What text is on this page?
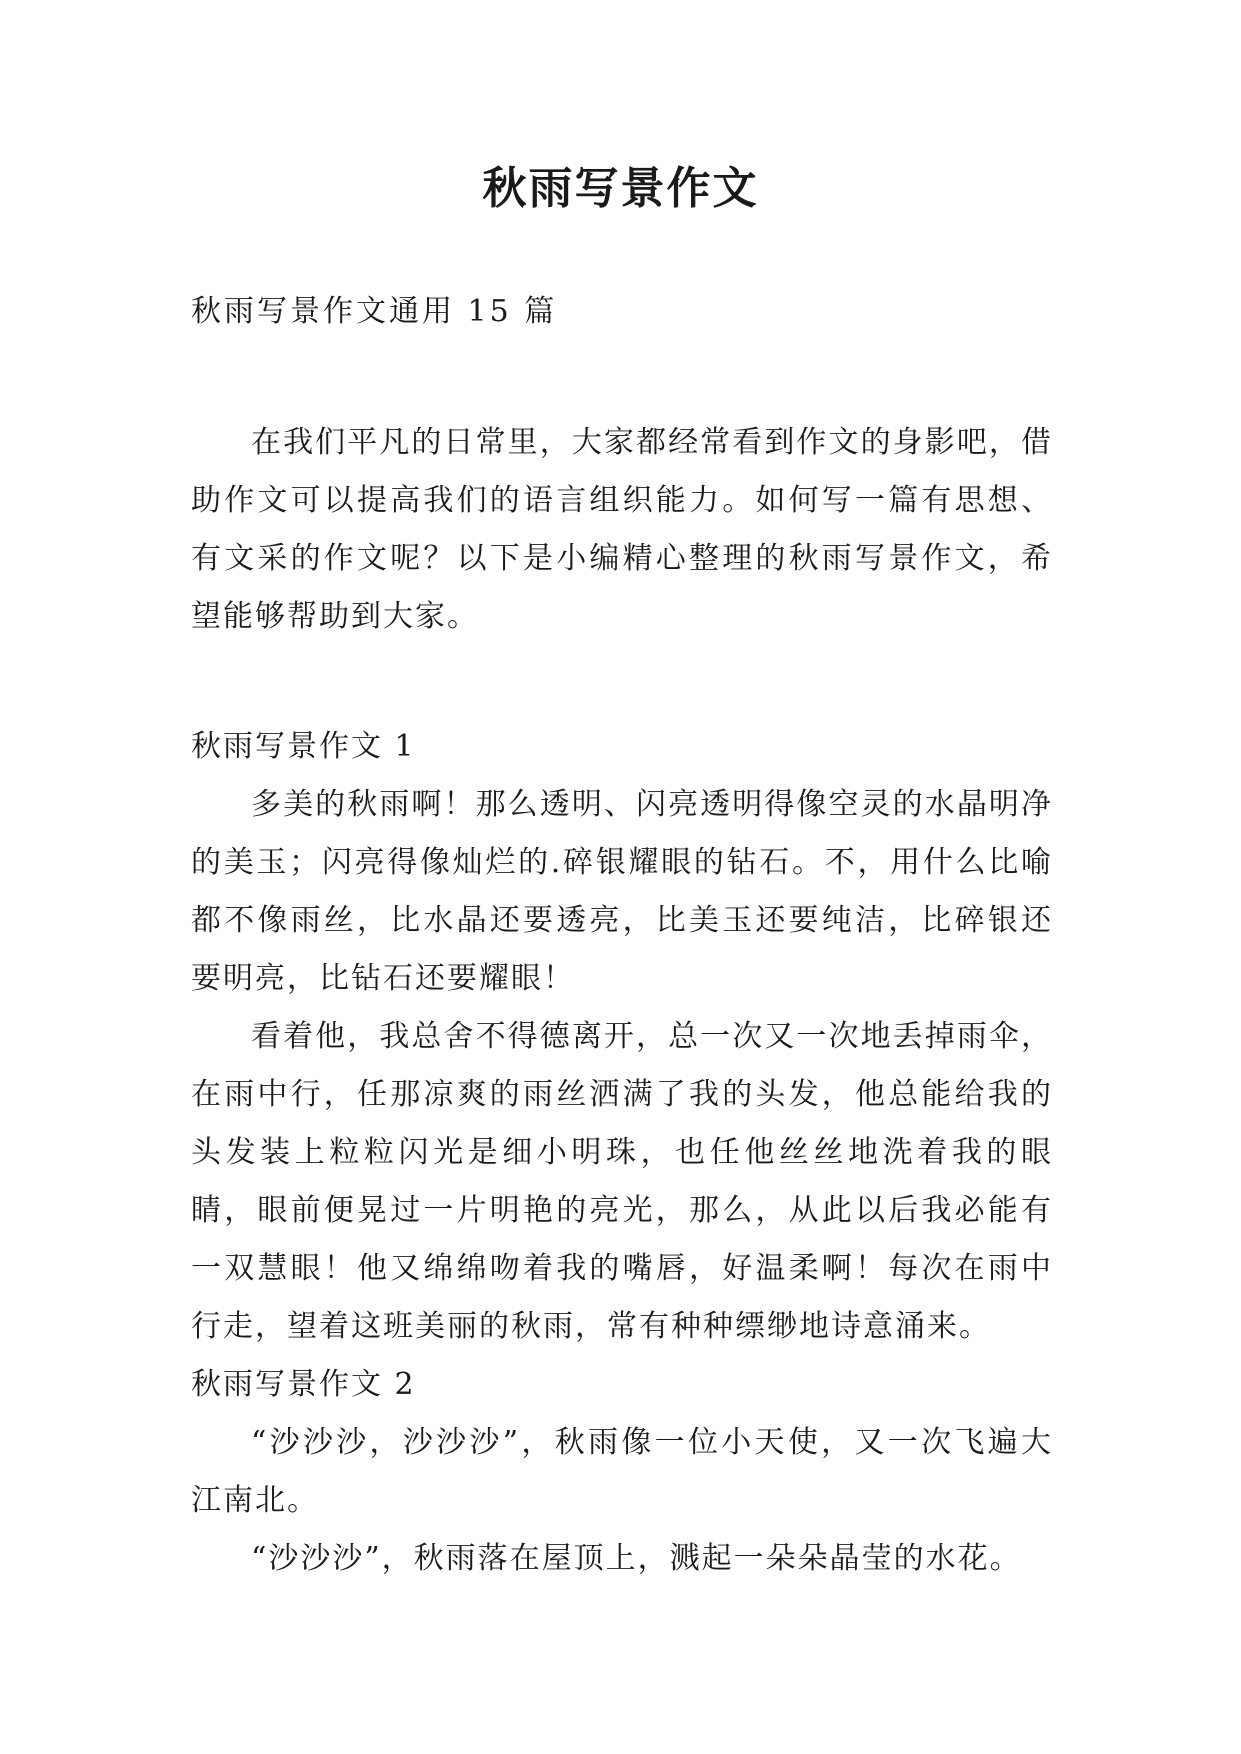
秋雨写景作文
秋雨写景作文通用 15 篇

在我们平凡的日常里，大家都经常看到作文的身影吧，借助作文可以提高我们的语言组织能力。如何写一篇有思想、有文采的作文呢？以下是小编精心整理的秋雨写景作文，希望能够帮助到大家。

秋雨写景作文 1

多美的秋雨啊！那么透明、闪亮透明得像空灵的水晶明净的美玉；闪亮得像灿烂的.碎银耀眼的钻石。不，用什么比喻都不像雨丝，比水晶还要透亮，比美玉还要纯洁，比碎银还要明亮，比钻石还要耀眼！

看着他，我总舍不得德离开，总一次又一次地丢掉雨伞，在雨中行，任那凉爽的雨丝洒满了我的头发，他总能给我的头发装上粒粒闪光是细小明珠，也任他丝丝地洗着我的眼睛，眼前便晃过一片明艳的亮光，那么，从此以后我必能有一双慧眼！他又绵绵吻着我的嘴唇，好温柔啊！每次在雨中行走，望着这班美丽的秋雨，常有种种缥缈地诗意涌来。

秋雨写景作文 2

“沙沙沙，沙沙沙”，秋雨像一位小天使，又一次飞遍大江南北。

“沙沙沙”，秋雨落在屋顶上，溅起一朵朵晶莹的水花。
